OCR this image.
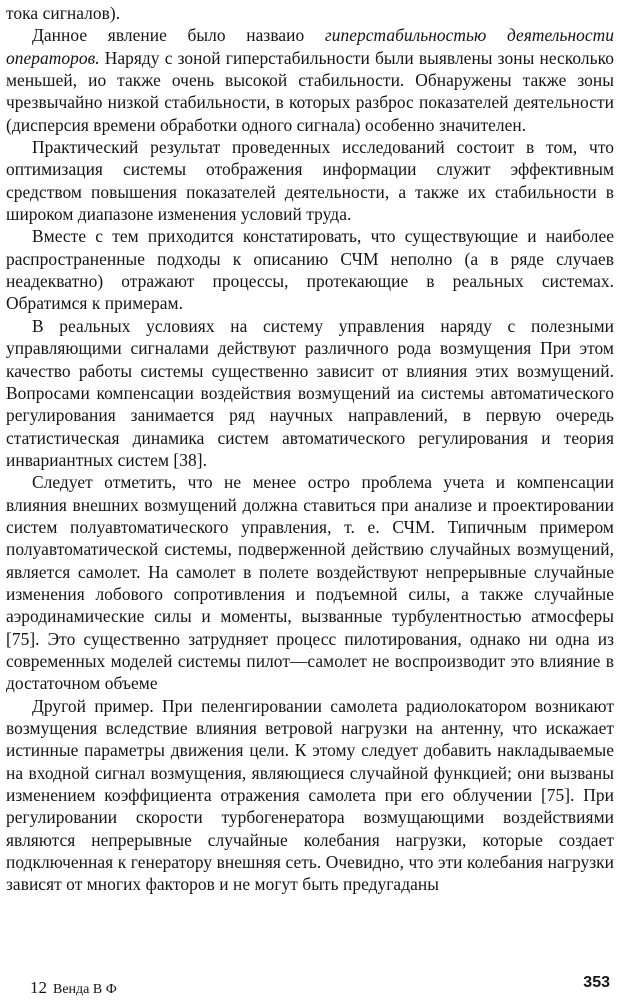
тока сигналов).

Данное явление было назваио гиперстабильностью деятельности операторов. Наряду с зоной гиперстабильности были выявлены зоны несколько меньшей, ио также очень высокой стабильности. Обнаружены также зоны чрезвычайно низкой стабильности, в которых разброс показателей деятельности (дисперсия времени обработки одного сигнала) особенно значителен.

Практический результат проведенных исследований состоит в том, что оптимизация системы отображения информации служит эффективным средством повышения показателей деятельности, а также их стабильности в широком диапазоне изменения условий труда.

Вместе с тем приходится констатировать, что существующие и наиболее распространенные подходы к описанию СЧМ неполно (а в ряде случаев неадекватно) отражают процессы, протекающие в реальных системах. Обратимся к примерам.

В реальных условиях на систему управления наряду с полезными управляющими сигналами действуют различного рода возмущения При этом качество работы системы существенно зависит от влияния этих возмущений. Вопросами компенсации воздействия возмущений иа системы автоматического регулирования занимается ряд научных направлений, в первую очередь статистическая динамика систем автоматического регулирования и теория инвариантных систем [38].

Следует отметить, что не менее остро проблема учета и компенсации влияния внешних возмущений должна ставиться при анализе и проектировании систем полуавтоматического управления, т. е. СЧМ. Типичным примером полуавтоматической системы, подверженной действию случайных возмущений, является самолет. На самолет в полете воздействуют непрерывные случайные изменения лобового сопротивления и подъемной силы, а также случайные аэродинамические силы и моменты, вызванные турбулентностью атмосферы [75]. Это существенно затрудняет процесс пилотирования, однако ни одна из современных моделей системы пилот—самолет не воспроизводит это влияние в достаточном объеме

Другой пример. При пеленгировании самолета радиолокатором возникают возмущения вследствие влияния ветровой нагрузки на антенну, что искажает истинные параметры движения цели. К этому следует добавить накладываемые на входной сигнал возмущения, являющиеся случайной функцией; они вызваны изменением коэффициента отражения самолета при его облучении [75]. При регулировании скорости турбогенератора возмущающими воздействиями являются непрерывные случайные колебания нагрузки, которые создает подключенная к генератору внешняя сеть. Очевидно, что эти колебания нагрузки зависят от многих факторов и не могут быть предугаданы

12 Венда В Ф	353
